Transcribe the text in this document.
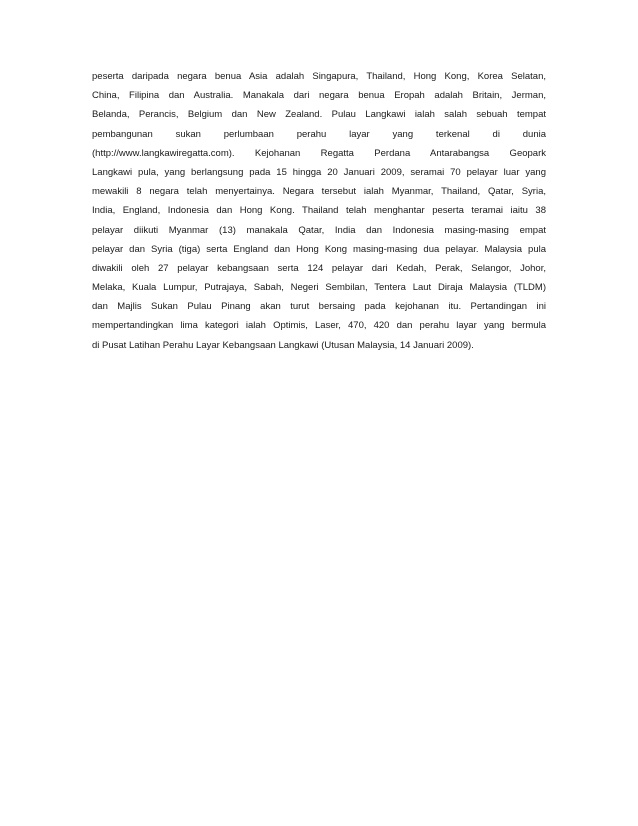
peserta daripada negara benua Asia adalah Singapura, Thailand, Hong Kong, Korea Selatan,
China, Filipina dan Australia. Manakala dari negara benua Eropah adalah Britain, Jerman,
Belanda, Perancis, Belgium dan New Zealand. Pulau Langkawi ialah salah sebuah tempat
pembangunan sukan perlumbaan perahu layar yang terkenal di dunia
(http://www.langkawiregatta.com). Kejohanan Regatta Perdana Antarabangsa Geopark
Langkawi pula, yang berlangsung pada 15 hingga 20 Januari 2009, seramai 70 pelayar luar yang
mewakili 8 negara telah menyertainya. Negara tersebut ialah Myanmar, Thailand, Qatar, Syria,
India, England, Indonesia dan Hong Kong. Thailand telah menghantar peserta teramai iaitu 38
pelayar diikuti Myanmar (13) manakala Qatar, India dan Indonesia masing-masing empat
pelayar dan Syria (tiga) serta England dan Hong Kong masing-masing dua pelayar. Malaysia pula
diwakili oleh 27 pelayar kebangsaan serta 124 pelayar dari Kedah, Perak, Selangor, Johor,
Melaka, Kuala Lumpur, Putrajaya, Sabah, Negeri Sembilan, Tentera Laut Diraja Malaysia (TLDM)
dan Majlis Sukan Pulau Pinang akan turut bersaing pada kejohanan itu. Pertandingan ini
mempertandingkan lima kategori ialah Optimis, Laser, 470, 420 dan perahu layar yang bermula
di Pusat Latihan Perahu Layar Kebangsaan Langkawi (Utusan Malaysia, 14 Januari 2009).
